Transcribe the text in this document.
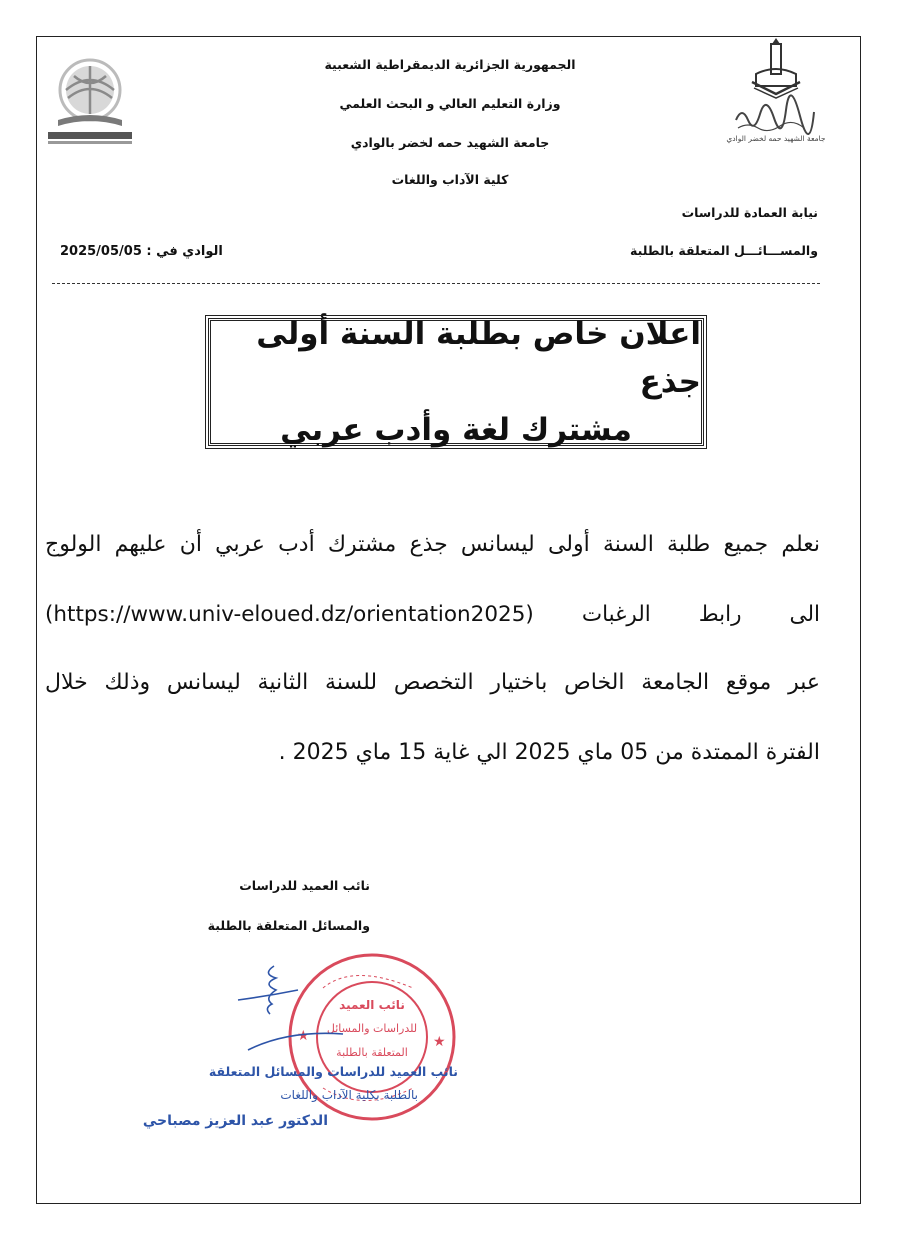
الجمهورية الجزائرية الديمقراطية الشعبية
وزارة التعليم العالي و البحث العلمي
جامعة الشهيد حمه لخضر بالوادي
كلية الآداب واللغات
جامعة الشهيد حمه لخضر الوادي
نيابة العمادة للدراسات
والمســـائـــل المتعلقة بالطلبة
الوادي في : 2025/05/05
اعلان خاص بطلبة السنة أولى جذع
مشترك لغة وأدب عربي
نعلم جميع طلبة السنة أولى ليسانس جذع مشترك أدب عربي أن عليهم الولوج
الى رابط الرغبات (https://www.univ-eloued.dz/orientation2025)
عبر موقع الجامعة الخاص باختيار التخصص للسنة الثانية ليسانس وذلك خلال
الفترة الممتدة من 05 ماي 2025 الي غاية 15 ماي 2025 .
نائب العميد للدراسات
والمسائل المتعلقة بالطلبة
★	★
نائب العميد
للدراسات والمسائل
المتعلقة بالطلبة
نائب العميد للدراسات والمسائل المتعلقة
بالطلبة بكلية الآداب واللغات
الدكتور عبد العزيز مصباحي
